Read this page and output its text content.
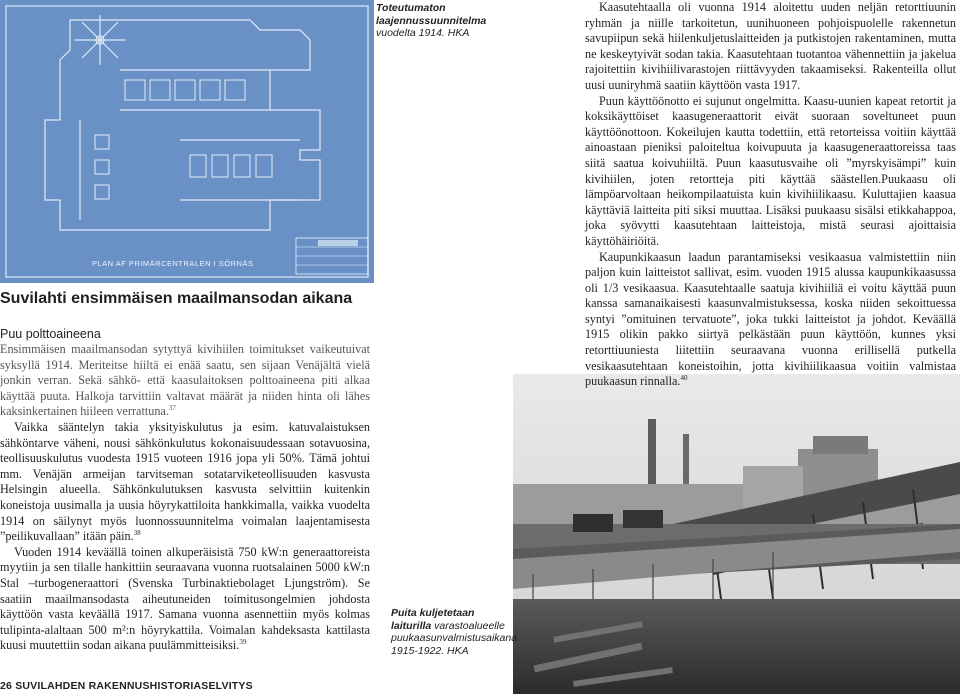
PLAN AF PRIMÄRCENTRALEN I SÖRNÄS
Toteutumaton laajennussuunnitelma vuodelta 1914. HKA
Puita kuljetetaan laiturilla varastoalueelle puukaasunvalmistusaikana 1915-1922. HKA
Suvilahti ensimmäisen maailmansodan aikana
Puu polttoaineena

Ensimmäisen maailmansodan sytyttyä kivihiilen toimitukset vaikeutuivat syksyllä 1914. Meriteitse hiiltä ei enää saatu, sen sijaan Venäjältä vielä jonkin verran. Sekä sähkö- että kaasulaitoksen polttoaineena piti alkaa käyttää puuta. Halkoja tarvittiin valtavat määrät ja niiden hinta oli lähes kaksinkertainen hiileen verrattuna.$^{37}$

Vaikka sääntelyn takia yksityiskulutus ja esim. katuvalaistuksen sähköntarve väheni, nousi sähkönkulutus kokonaisuudessaan sotavuosina, teollisuuskulutus vuodesta 1915 vuoteen 1916 jopa yli 50%. Tämä johtui mm. Venäjän armeijan tarvitseman sotatarviketeollisuuden kasvusta Helsingin alueella. Sähkönkulutuksen kasvusta selvittiin kuitenkin koneistoja uusimalla ja uusia höyrykattiloita hankkimalla, vaikka vuodelta 1914 on säilynyt myös luonnossuunnitelma voimalan laajentamisesta ”peilikuvallaan” itään päin.$^{38}$

Vuoden 1914 keväällä toinen alkuperäisistä 750 kW:n generaattoreista myytiin ja sen tilalle hankittiin seuraavana vuonna ruotsalainen 5000 kW:n Stal –turbogeneraattori (Svenska Turbinaktiebolaget Ljungström). Se saatiin maailmansodasta aiheutuneiden toimitusongelmien johdosta käyttöön vasta keväällä 1917. Samana vuonna asennettiin myös kolmas tulipinta-alaltaan 500 m²:n höyrykattila. Voimalan kahdeksasta kattilasta kuusi muutettiin sodan aikana puulämmitteisiksi.$^{39}$

Kaasutehtaalla oli vuonna 1914 aloitettu uuden neljän retorttiuunin ryhmän ja niille tarkoitetun, uunihuoneen pohjoispuolelle rakennetun savupiipun sekä hiilenkuljetuslaitteiden ja putkistojen rakentaminen, mutta ne keskeytyivät sodan takia. Kaasutehtaan tuotantoa vähennettiin ja jakelua rajoitettiin kivihiilivarastojen riittävyyden takaamiseksi. Rakenteilla ollut uusi uuniryhmä saatiin käyttöön vasta 1917.

Puun käyttöönotto ei sujunut ongelmitta. Kaasu-uunien kapeat retortit ja koksikäyttöiset kaasugeneraattorit eivät suoraan soveltuneet puun käyttöönottoon. Kokeilujen kautta todettiin, että retorteissa voitiin käyttää ainoastaan pieniksi paloiteltua koivupuuta ja kaasugeneraattoreissa taas siitä saatua koivuhiiltä. Puun kaasutusvaihe oli ”myrskyisämpi” kuin kivihiilen, joten retortteja piti käyttää säästellen.Puukaasu oli lämpöarvoltaan heikompilaatuista kuin kivihiilikaasu. Kuluttajien kaasua käyttäviä laitteita piti siksi muuttaa. Lisäksi puukaasu sisälsi etikkahappoa, joka syövytti kaasutehtaan laitteistoja, mistä seurasi ajoittaisia käyttöhäiriöitä.

Kaupunkikaasun laadun parantamiseksi vesikaasua valmistettiin niin paljon kuin laitteistot sallivat, esim. vuoden 1915 alussa kaupunkikaasussa oli 1/3 vesikaasua. Kaasutehtaalle saatuja kivihiiliä ei voitu käyttää puun kanssa samanaikaisesti kaasunvalmistuksessa, koska niiden sekoittuessa syntyi ”omituinen tervatuote”, joka tukki laitteistot ja johdot. Keväällä 1915 olikin pakko siirtyä pelkästään puun käyttöön, kunnes yksi retorttiuuniesta liitettiin seuraavana vuonna erillisellä putkella vesikaasutehtaan koneistoihin, jotta kivihiilikaasua voitiin valmistaa puukaasun rinnalla.$^{40}$

26 SUVILAHDEN RAKENNUSHISTORIASELVITYS
